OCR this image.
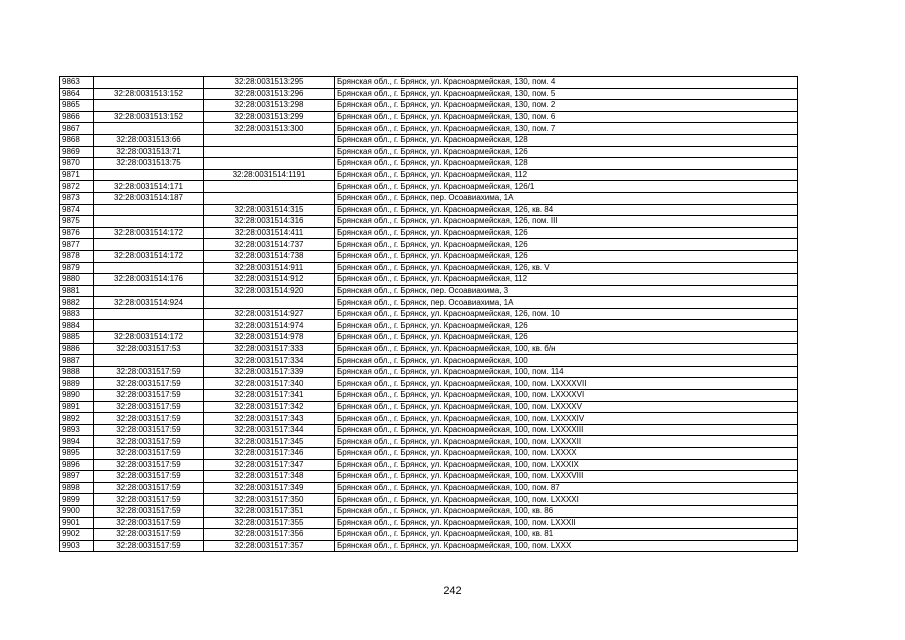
9863		32:28:0031513:295	Брянская обл., г. Брянск, ул. Красноармейская, 130, пом. 4
9864	32:28:0031513:152	32:28:0031513:296	Брянская обл., г. Брянск, ул. Красноармейская, 130, пом. 5
9865		32:28:0031513:298	Брянская обл., г. Брянск, ул. Красноармейская, 130, пом. 2
9866	32:28:0031513:152	32:28:0031513:299	Брянская обл., г. Брянск, ул. Красноармейская, 130, пом. 6
9867		32:28:0031513:300	Брянская обл., г. Брянск, ул. Красноармейская, 130, пом. 7
9868	32:28:0031513:66		Брянская обл., г. Брянск, ул. Красноармейская, 128
9869	32:28:0031513:71		Брянская обл., г. Брянск, ул. Красноармейская, 126
9870	32:28:0031513:75		Брянская обл., г. Брянск, ул. Красноармейская, 128
9871		32:28:0031514:1191	Брянская обл., г. Брянск, ул. Красноармейская, 112
9872	32:28:0031514:171		Брянская обл., г. Брянск, ул. Красноармейская, 126/1
9873	32:28:0031514:187		Брянская обл., г. Брянск, пер. Осоавиахима, 1А
9874		32:28:0031514:315	Брянская обл., г. Брянск, ул. Красноармейская, 126, кв. 84
9875		32:28:0031514:316	Брянская обл., г. Брянск, ул. Красноармейская, 126, пом. III
9876	32:28:0031514:172	32:28:0031514:411	Брянская обл., г. Брянск, ул. Красноармейская, 126
9877		32:28:0031514:737	Брянская обл., г. Брянск, ул. Красноармейская, 126
9878	32:28:0031514:172	32:28:0031514:738	Брянская обл., г. Брянск, ул. Красноармейская, 126
9879		32:28:0031514:911	Брянская обл., г. Брянск, ул. Красноармейская, 126, кв. V
9880	32:28:0031514:176	32:28:0031514:912	Брянская обл., г. Брянск, ул. Красноармейская, 112
9881		32:28:0031514:920	Брянская обл., г. Брянск, пер. Осоавиахима, 3
9882	32:28:0031514:924		Брянская обл., г. Брянск, пер. Осоавиахима, 1А
9883		32:28:0031514:927	Брянская обл., г. Брянск, ул. Красноармейская, 126, пом. 10
9884		32:28:0031514:974	Брянская обл., г. Брянск, ул. Красноармейская, 126
9885	32:28:0031514:172	32:28:0031514:978	Брянская обл., г. Брянск, ул. Красноармейская, 126
9886	32:28:0031517:53	32:28:0031517:333	Брянская обл., г. Брянск, ул. Красноармейская, 100, кв. б/н
9887		32:28:0031517:334	Брянская обл., г. Брянск, ул. Красноармейская, 100
9888	32:28:0031517:59	32:28:0031517:339	Брянская обл., г. Брянск, ул. Красноармейская, 100, пом. 114
9889	32:28:0031517:59	32:28:0031517:340	Брянская обл., г. Брянск, ул. Красноармейская, 100, пом. LXXXXVII
9890	32:28:0031517:59	32:28:0031517:341	Брянская обл., г. Брянск, ул. Красноармейская, 100, пом. LXXXXVI
9891	32:28:0031517:59	32:28:0031517:342	Брянская обл., г. Брянск, ул. Красноармейская, 100, пом. LXXXXV
9892	32:28:0031517:59	32:28:0031517:343	Брянская обл., г. Брянск, ул. Красноармейская, 100, пом. LXXXXIV
9893	32:28:0031517:59	32:28:0031517:344	Брянская обл., г. Брянск, ул. Красноармейская, 100, пом. LXXXXIII
9894	32:28:0031517:59	32:28:0031517:345	Брянская обл., г. Брянск, ул. Красноармейская, 100, пом. LXXXXII
9895	32:28:0031517:59	32:28:0031517:346	Брянская обл., г. Брянск, ул. Красноармейская, 100, пом. LXXXX
9896	32:28:0031517:59	32:28:0031517:347	Брянская обл., г. Брянск, ул. Красноармейская, 100, пом. LXXXIX
9897	32:28:0031517:59	32:28:0031517:348	Брянская обл., г. Брянск, ул. Красноармейская, 100, пом. LXXXVIII
9898	32:28:0031517:59	32:28:0031517:349	Брянская обл., г. Брянск, ул. Красноармейская, 100, пом. 87
9899	32:28:0031517:59	32:28:0031517:350	Брянская обл., г. Брянск, ул. Красноармейская, 100, пом. LXXXXI
9900	32:28:0031517:59	32:28:0031517:351	Брянская обл., г. Брянск, ул. Красноармейская, 100, кв. 86
9901	32:28:0031517:59	32:28:0031517:355	Брянская обл., г. Брянск, ул. Красноармейская, 100, пом. LXXXII
9902	32:28:0031517:59	32:28:0031517:356	Брянская обл., г. Брянск, ул. Красноармейская, 100, кв. 81
9903	32:28:0031517:59	32:28:0031517:357	Брянская обл., г. Брянск, ул. Красноармейская, 100, пом. LXXX
242
